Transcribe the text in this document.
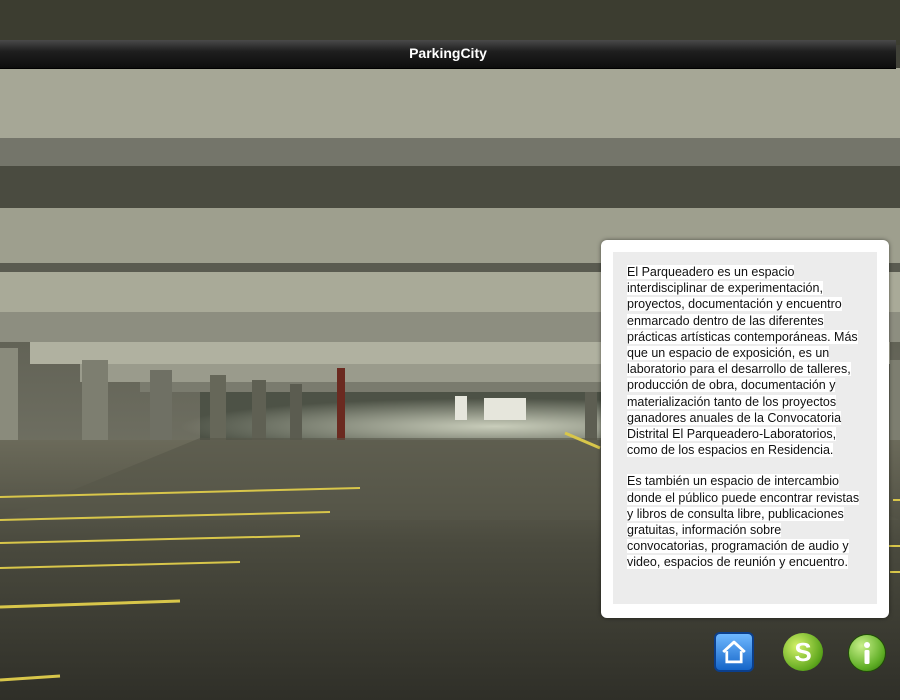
ParkingCity

El Parqueadero es un espacio interdisciplinar de experimentación, proyectos, documentación y encuentro enmarcado dentro de las diferentes prácticas artísticas contemporáneas. Más que un espacio de exposición, es un laboratorio para el desarrollo de talleres, producción de obra, documentación y materialización tanto de los proyectos ganadores anuales de la Convocatoria Distrital El Parqueadero-Laboratorios, como de los espacios en Residencia.

Es también un espacio de intercambio donde el público puede encontrar revistas y libros de consulta libre, publicaciones gratuitas, información sobre convocatorias, programación de audio y video, espacios de reunión y encuentro.

S
